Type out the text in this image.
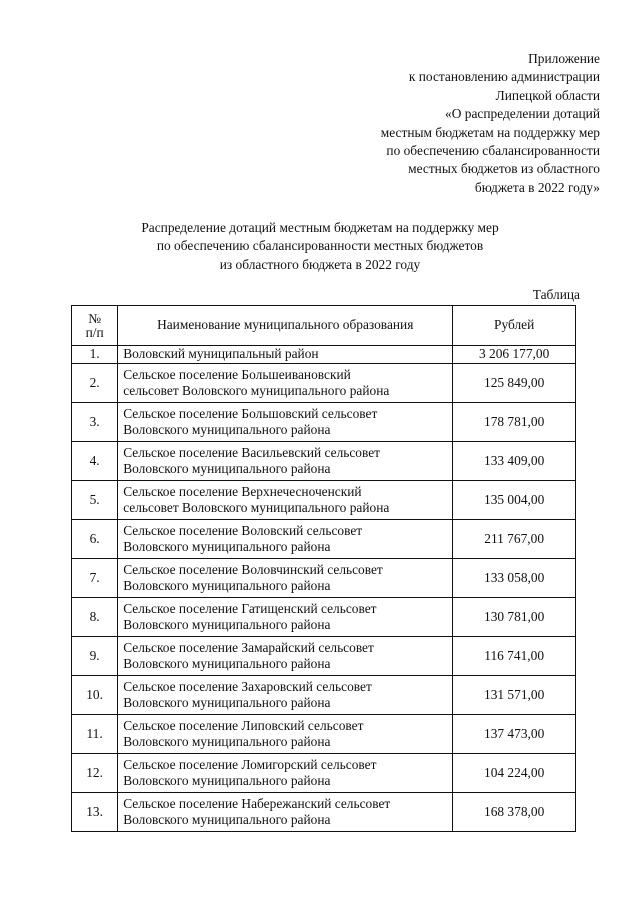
Приложение
к постановлению администрации
Липецкой области
«О распределении дотаций
местным бюджетам на поддержку мер
по обеспечению сбалансированности
местных бюджетов из областного
бюджета в 2022 году»
Распределение дотаций местным бюджетам на поддержку мер
по обеспечению сбалансированности местных бюджетов
из областного бюджета в 2022 году
Таблица
№
п/п	Наименование муниципального образования	Рублей
1.	Воловский муниципальный район	3 206 177,00
2.	Сельское поселение Большеивановский
сельсовет Воловского муниципального района	125 849,00
3.	Сельское поселение Большовский сельсовет
Воловского муниципального района	178 781,00
4.	Сельское поселение Васильевский сельсовет
Воловского муниципального района	133 409,00
5.	Сельское поселение Верхнечесноченский
сельсовет Воловского муниципального района	135 004,00
6.	Сельское поселение Воловский сельсовет
Воловского муниципального района	211 767,00
7.	Сельское поселение Воловчинский сельсовет
Воловского муниципального района	133 058,00
8.	Сельское поселение Гатищенский сельсовет
Воловского муниципального района	130 781,00
9.	Сельское поселение Замарайский сельсовет
Воловского муниципального района	116 741,00
10.	Сельское поселение Захаровский сельсовет
Воловского муниципального района	131 571,00
11.	Сельское поселение Липовский сельсовет
Воловского муниципального района	137 473,00
12.	Сельское поселение Ломигорский сельсовет
Воловского муниципального района	104 224,00
13.	Сельское поселение Набережанский сельсовет
Воловского муниципального района	168 378,00
